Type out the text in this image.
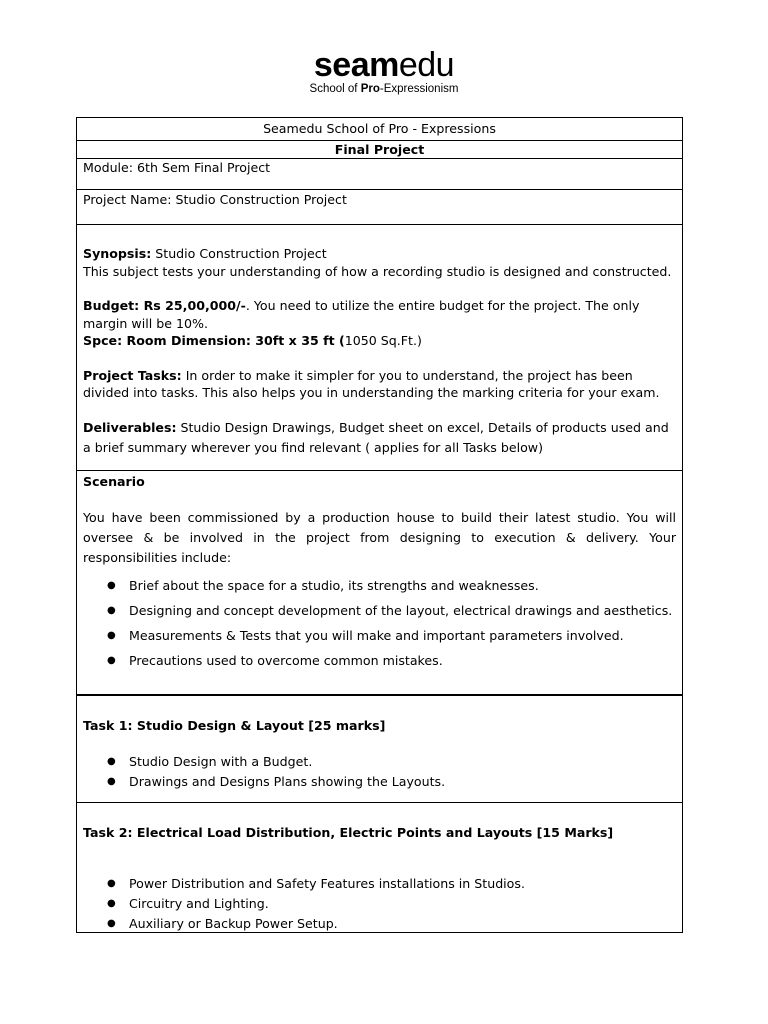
seamedu
School of Pro-Expressionism
Seamedu School of Pro - Expressions
Final Project
Module: 6th Sem Final Project
Project Name: Studio Construction Project

Synopsis: Studio Construction Project

This subject tests your understanding of how a recording studio is designed and constructed.

Budget: Rs 25,00,000/-. You need to utilize the entire budget for the project. The only margin will be 10%.

Spce: Room Dimension: 30ft x 35 ft (1050 Sq.Ft.)

Project Tasks: In order to make it simpler for you to understand, the project has been divided into tasks. This also helps you in understanding the marking criteria for your exam.

Deliverables: Studio Design Drawings, Budget sheet on excel, Details of products used and a brief summary wherever you find relevant ( applies for all Tasks below)

Scenario

You have been commissioned by a production house to build their latest studio. You will oversee & be involved in the project from designing to execution & delivery. Your responsibilities include:

● Brief about the space for a studio, its strengths and weaknesses.
● Designing and concept development of the layout, electrical drawings and aesthetics.
● Measurements & Tests that you will make and important parameters involved.
● Precautions used to overcome common mistakes.

Task 1: Studio Design & Layout [25 marks]

● Studio Design with a Budget.
● Drawings and Designs Plans showing the Layouts.

Task 2: Electrical Load Distribution, Electric Points and Layouts [15 Marks]

● Power Distribution and Safety Features installations in Studios.
● Circuitry and Lighting.
● Auxiliary or Backup Power Setup.
